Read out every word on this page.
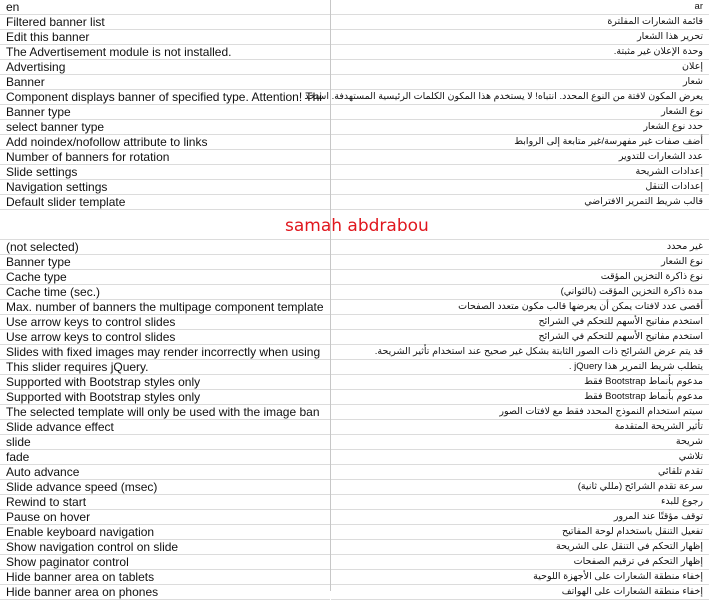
en
Filtered banner list
Edit this banner
The Advertisement module is not installed.
Advertising
Banner
Component displays banner of specified type. Attention! Thi
Banner type
select banner type
Add noindex/nofollow attribute to links
Number of banners for rotation
Slide settings
Navigation settings
Default slider template
(not selected)
Banner type
Cache type
Cache time (sec.)
Max. number of banners the multipage component template
Use arrow keys to control slides
Use arrow keys to control slides
Slides with fixed images may render incorrectly when using
This slider requires jQuery.
Supported with Bootstrap styles only
Supported with Bootstrap styles only
The selected template will only be used with the image ban
Slide advance effect
slide
fade
Auto advance
Slide advance speed (msec)
Rewind to start
Pause on hover
Enable keyboard navigation
Show navigation control on slide
Show paginator control
Hide banner area on tablets
Hide banner area on phones
ar
قائمة الشعارات المفلترة
تحرير هذا الشعار
وحدة الإعلان غير مثبتة.
إعلان
شعار
يعرض المكون لافتة من النوع المحدد. انتباه! لا يستخدم هذا المكون الكلمات الرئيسية المستهدفة. استخد
نوع الشعار
حدد نوع الشعار
أضف صفات غير مفهرسة/غير متابعة إلى الروابط
عدد الشعارات للتدوير
إعدادات الشريحة
إعدادات التنقل
قالب شريط التمرير الافتراضي
غير محدد
نوع الشعار
نوع ذاكرة التخزين المؤقت
مدة ذاكرة التخزين المؤقت (بالثواني)
أقصى عدد لافتات يمكن أن يعرضها قالب مكون متعدد الصفحات
استخدم مفاتيح الأسهم للتحكم في الشرائح
استخدم مفاتيح الأسهم للتحكم في الشرائح
قد يتم عرض الشرائح ذات الصور الثابتة بشكل غير صحيح عند استخدام تأثير الشريحة.
يتطلب شريط التمرير هذا jQuery .
مدعوم بأنماط Bootstrap فقط
مدعوم بأنماط Bootstrap فقط
سيتم استخدام النموذج المحدد فقط مع لافتات الصور
تأثير الشريحة المتقدمة
شريحة
تلاشي
تقدم تلقائي
سرعة تقدم الشرائح (مللي ثانية)
رجوع للبدء
توقف مؤقتًا عند المرور
تفعيل التنقل باستخدام لوحة المفاتيح
إظهار التحكم في التنقل على الشريحة
إظهار التحكم في ترقيم الصفحات
إخفاء منطقة الشعارات على الأجهزة اللوحية
إخفاء منطقة الشعارات على الهواتف
samah abdrabou
